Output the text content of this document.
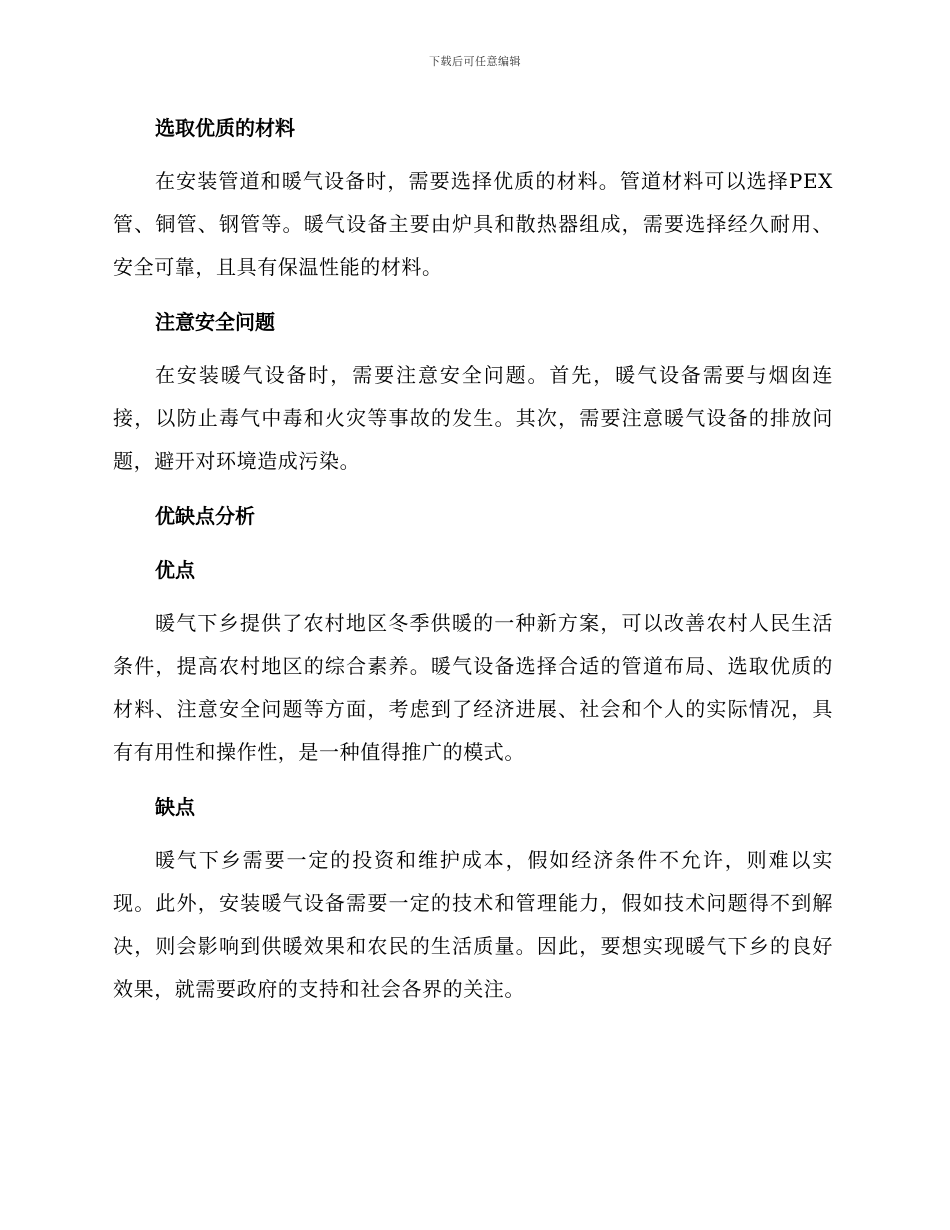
下载后可任意编辑
选取优质的材料

在安装管道和暖气设备时，需要选择优质的材料。管道材料可以选择PEX管、铜管、钢管等。暖气设备主要由炉具和散热器组成，需要选择经久耐用、安全可靠，且具有保温性能的材料。

注意安全问题

在安装暖气设备时，需要注意安全问题。首先，暖气设备需要与烟囱连接，以防止毒气中毒和火灾等事故的发生。其次，需要注意暖气设备的排放问题，避开对环境造成污染。

优缺点分析
优点

暖气下乡提供了农村地区冬季供暖的一种新方案，可以改善农村人民生活条件，提高农村地区的综合素养。暖气设备选择合适的管道布局、选取优质的材料、注意安全问题等方面，考虑到了经济进展、社会和个人的实际情况，具有有用性和操作性，是一种值得推广的模式。

缺点

暖气下乡需要一定的投资和维护成本，假如经济条件不允许，则难以实现。此外，安装暖气设备需要一定的技术和管理能力，假如技术问题得不到解决，则会影响到供暖效果和农民的生活质量。因此，要想实现暖气下乡的良好效果，就需要政府的支持和社会各界的关注。
